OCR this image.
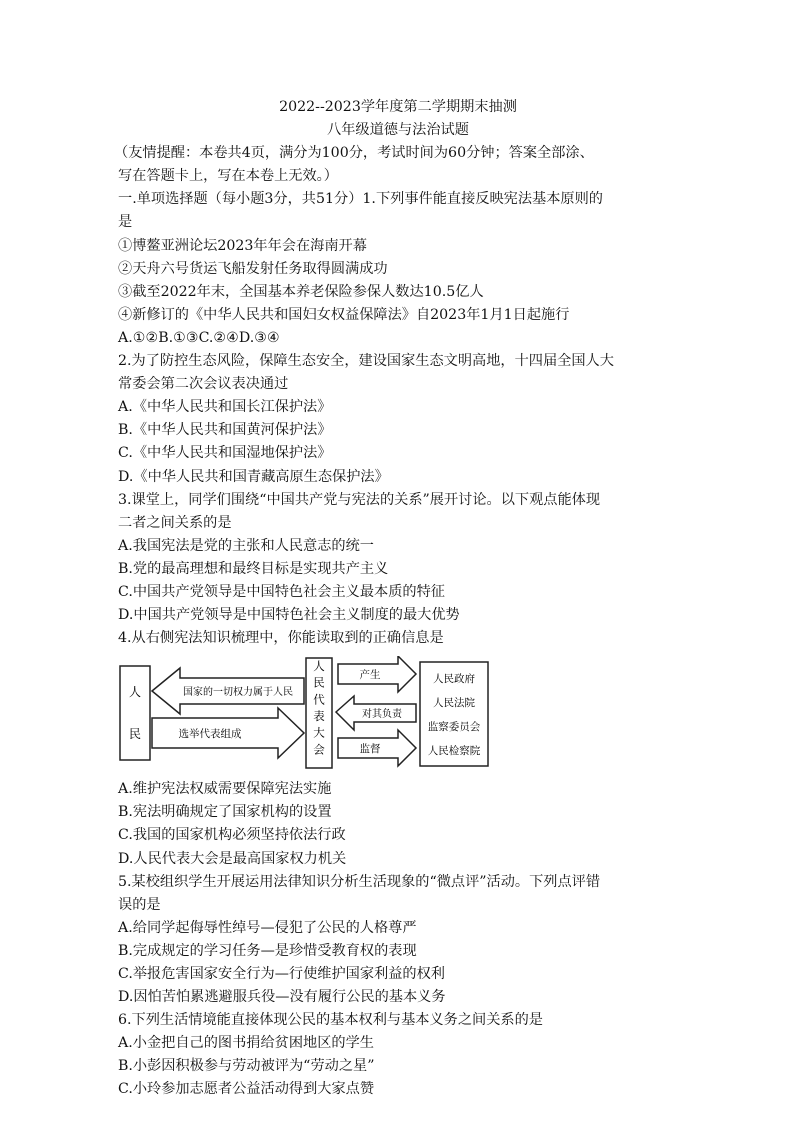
2022--2023学年度第二学期期末抽测
八年级道德与法治试题
（友情提醒：本卷共4页，满分为100分，考试时间为60分钟；答案全部涂、
写在答题卡上，写在本卷上无效。）
一.单项选择题（每小题3分，共51分）1.下列事件能直接反映宪法基本原则的
是
①博鳌亚洲论坛2023年年会在海南开幕
②天舟六号货运飞船发射任务取得圆满成功
③截至2022年末，全国基本养老保险参保人数达10.5亿人
④新修订的《中华人民共和国妇女权益保障法》自2023年1月1日起施行
A.①②B.①③C.②④D.③④
2.为了防控生态风险，保障生态安全，建设国家生态文明高地，十四届全国人大
常委会第二次会议表决通过
A.《中华人民共和国长江保护法》
B.《中华人民共和国黄河保护法》
C.《中华人民共和国湿地保护法》
D.《中华人民共和国青藏高原生态保护法》
3.课堂上，同学们围绕“中国共产党与宪法的关系”展开讨论。以下观点能体现
二者之间关系的是
A.我国宪法是党的主张和人民意志的统一
B.党的最高理想和最终目标是实现共产主义
C.中国共产党领导是中国特色社会主义最本质的特征
D.中国共产党领导是中国特色社会主义制度的最大优势
4.从右侧宪法知识梳理中，你能读取到的正确信息是
人
民
国家的一切权力属于人民
选举代表组成
人
民
代
表
大
会
产生
对其负责
监督
人民政府
人民法院
监察委员会
人民检察院
A.维护宪法权威需要保障宪法实施
B.宪法明确规定了国家机构的设置
C.我国的国家机构必须坚持依法行政
D.人民代表大会是最高国家权力机关
5.某校组织学生开展运用法律知识分析生活现象的“微点评”活动。下列点评错
误的是
A.给同学起侮辱性绰号—侵犯了公民的人格尊严
B.完成规定的学习任务—是珍惜受教育权的表现
C.举报危害国家安全行为—行使维护国家利益的权利
D.因怕苦怕累逃避服兵役—没有履行公民的基本义务
6.下列生活情境能直接体现公民的基本权利与基本义务之间关系的是
A.小金把自己的图书捐给贫困地区的学生
B.小彭因积极参与劳动被评为“劳动之星”
C.小玲参加志愿者公益活动得到大家点赞
